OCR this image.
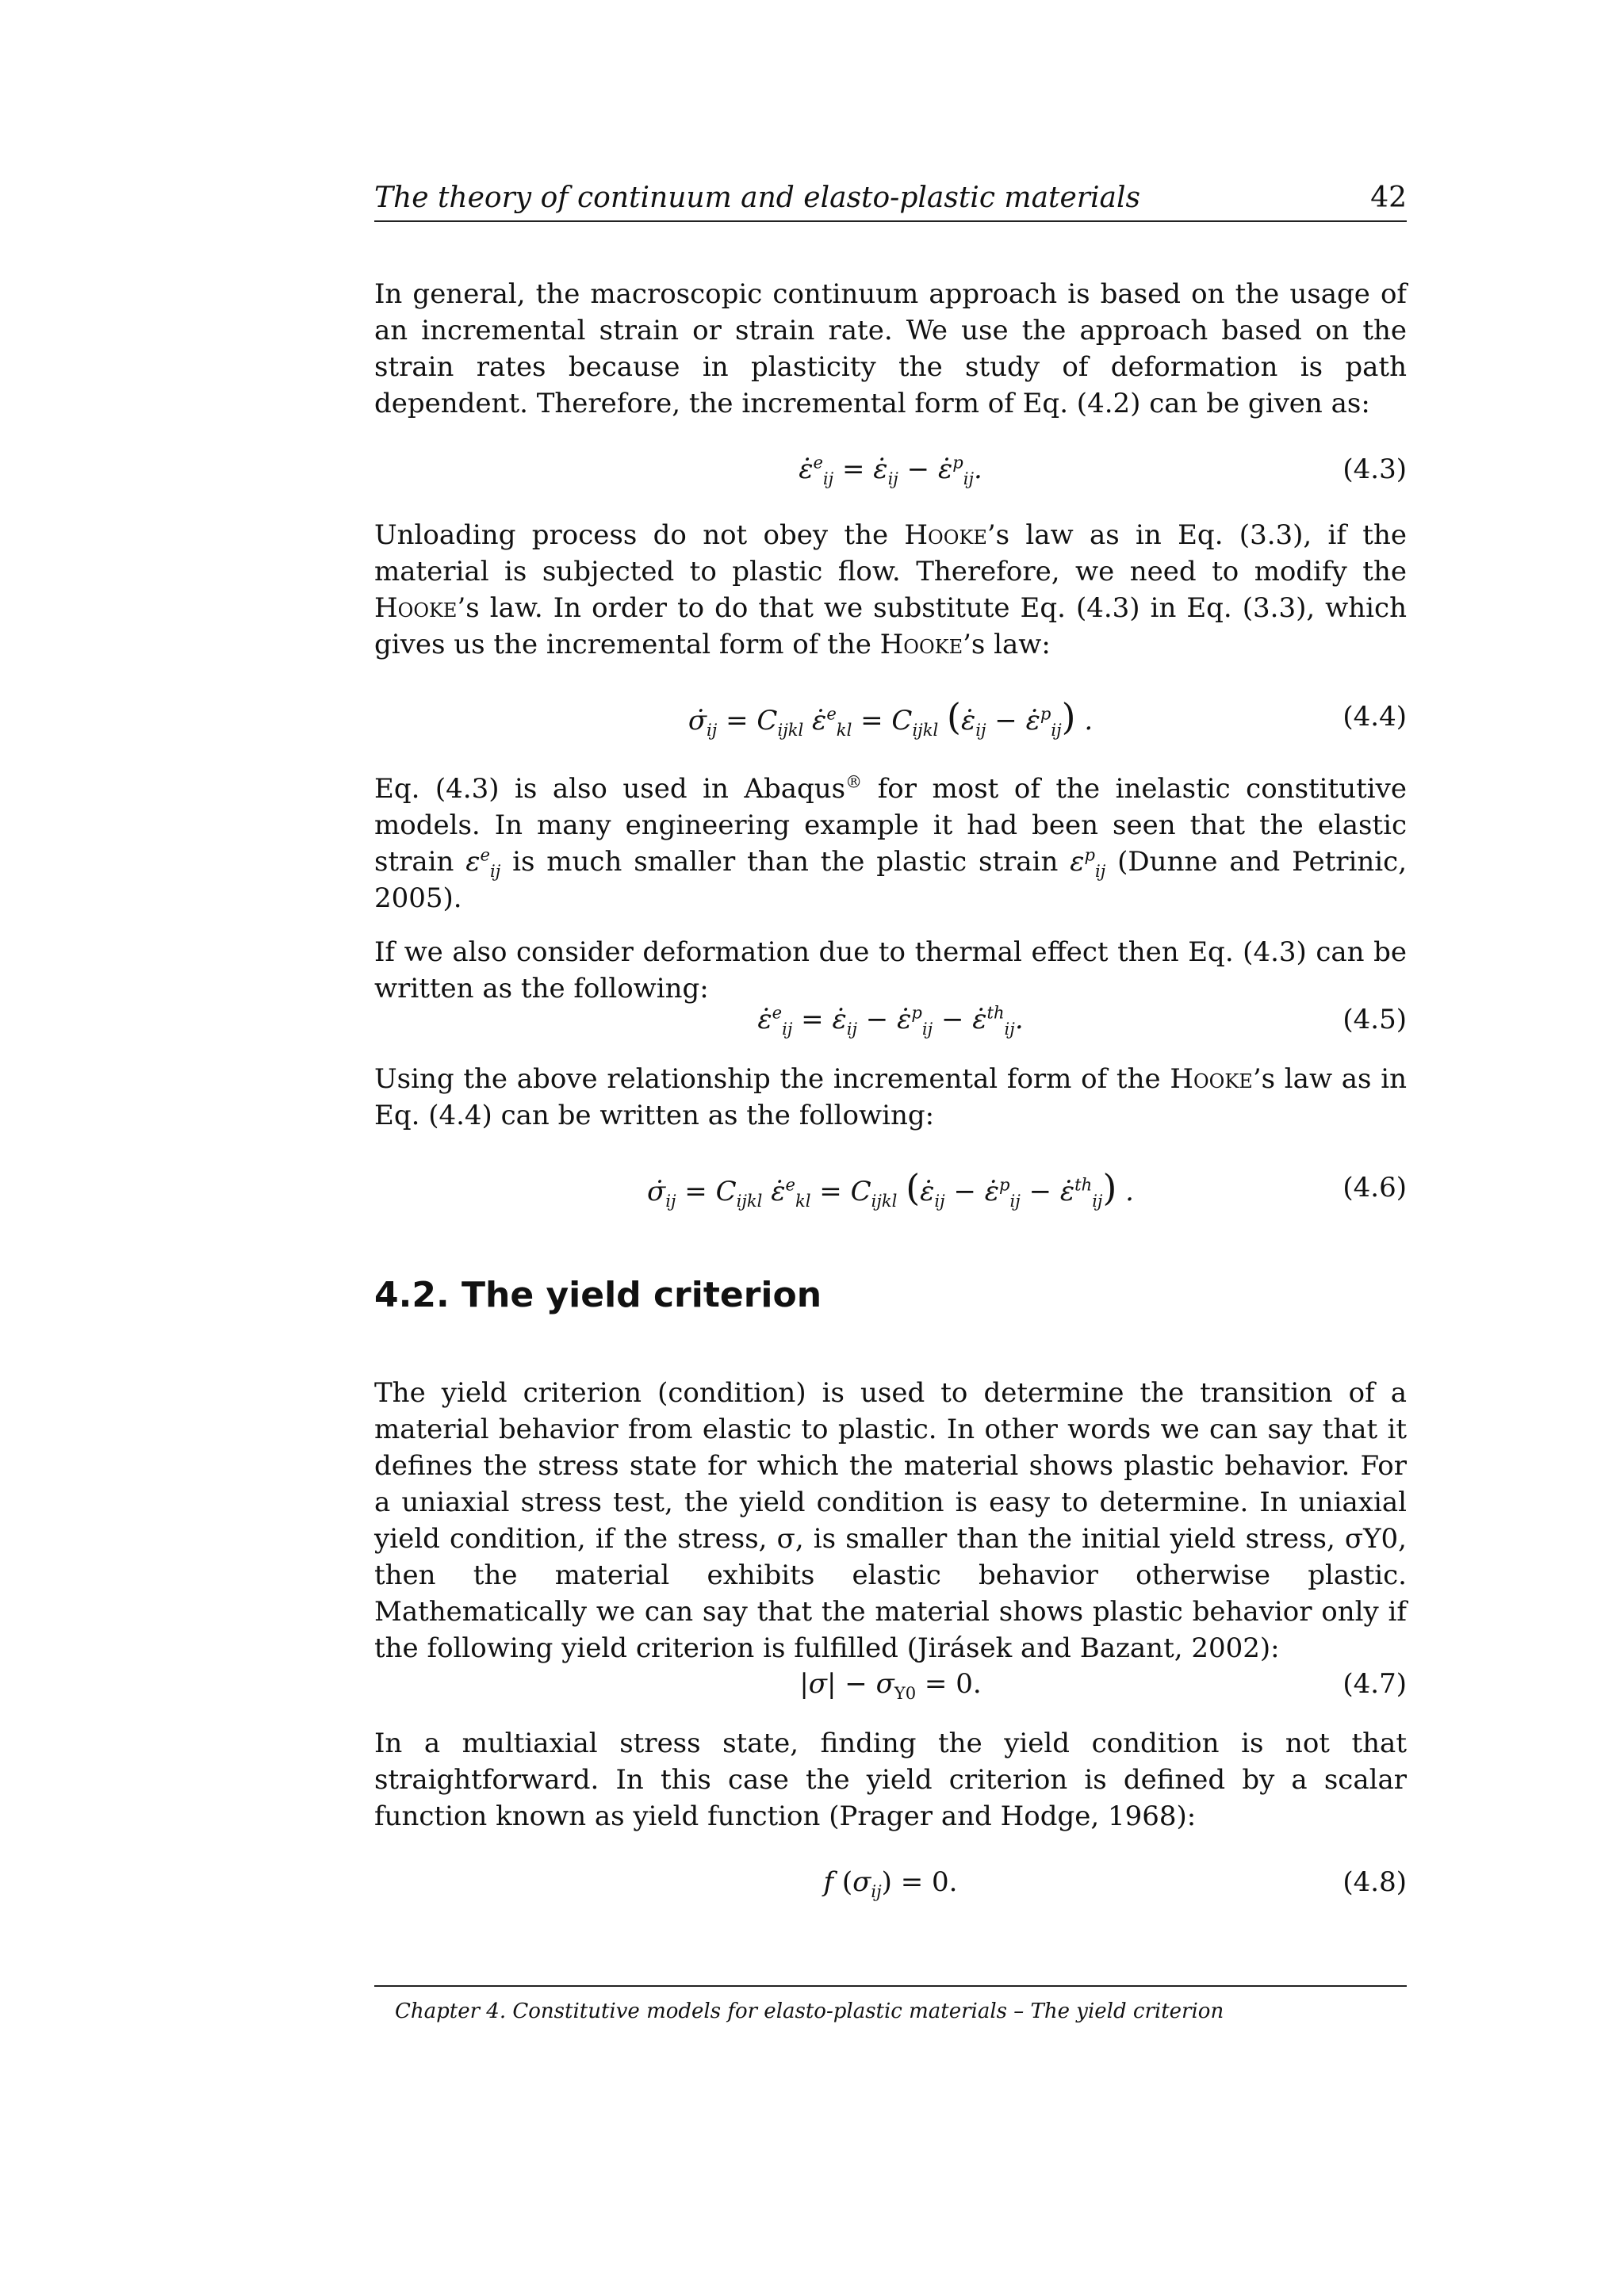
The theory of continuum and elasto-plastic materials	42

In general, the macroscopic continuum approach is based on the usage of an incremental strain or strain rate. We use the approach based on the strain rates because in plasticity the study of deformation is path dependent. Therefore, the incremental form of Eq. (4.2) can be given as:

ε̇$^e_{ij}$ = $\varepsiloṅ_{ij}$ − ε̇$^p_{ij}$.	(4.3)

Unloading process do not obey the Hooke’s law as in Eq. (3.3), if the material is subjected to plastic flow. Therefore, we need to modify the Hooke’s law. In order to do that we substitute Eq. (4.3) in Eq. (3.3), which gives us the incremental form of the Hooke’s law:

$\sigmȧ_{ij} = C_{ijkl}$ ε̇$^e_{kl}$ = $C_{ijkl}$ ($\varepsiloṅ_{ij}$ − ε̇$^p_{ij}$) .	(4.4)

Eq. (4.3) is also used in Abaqus® for most of the inelastic constitutive models. In many engineering example it had been seen that the elastic strain $\varepsilon^e_{ij}$ is much smaller than the plastic strain $\varepsilon^p_{ij}$ (Dunne and Petrinic, 2005).

If we also consider deformation due to thermal effect then Eq. (4.3) can be written as the following:

ε̇$^e_{ij}$ = $\varepsiloṅ_{ij}$ − ε̇$^p_{ij}$ − ε̇$^{th}_{ij}$.	(4.5)

Using the above relationship the incremental form of the Hooke’s law as in Eq. (4.4) can be written as the following:

$\sigmȧ_{ij} = C_{ijkl}$ ε̇$^e_{kl}$ = $C_{ijkl}$ ($\varepsiloṅ_{ij}$ − ε̇$^p_{ij}$ − ε̇$^{th}_{ij}$) .	(4.6)
4.2. The yield criterion

The yield criterion (condition) is used to determine the transition of a material behavior from elastic to plastic. In other words we can say that it defines the stress state for which the material shows plastic behavior. For a uniaxial stress test, the yield condition is easy to determine. In uniaxial yield condition, if the stress, σ, is smaller than the initial yield stress, σY0, then the material exhibits elastic behavior otherwise plastic. Mathematically we can say that the material shows plastic behavior only if the following yield criterion is fulfilled (Jirásek and Bazant, 2002):

$|\sigma| - \sigma_{Y0} = 0$.	(4.7)

In a multiaxial stress state, finding the yield condition is not that straightforward. In this case the yield criterion is defined by a scalar function known as yield function (Prager and Hodge, 1968):

f $(\sigma_{ij}) = 0$.	(4.8)
Chapter 4. Constitutive models for elasto-plastic materials – The yield criterion
